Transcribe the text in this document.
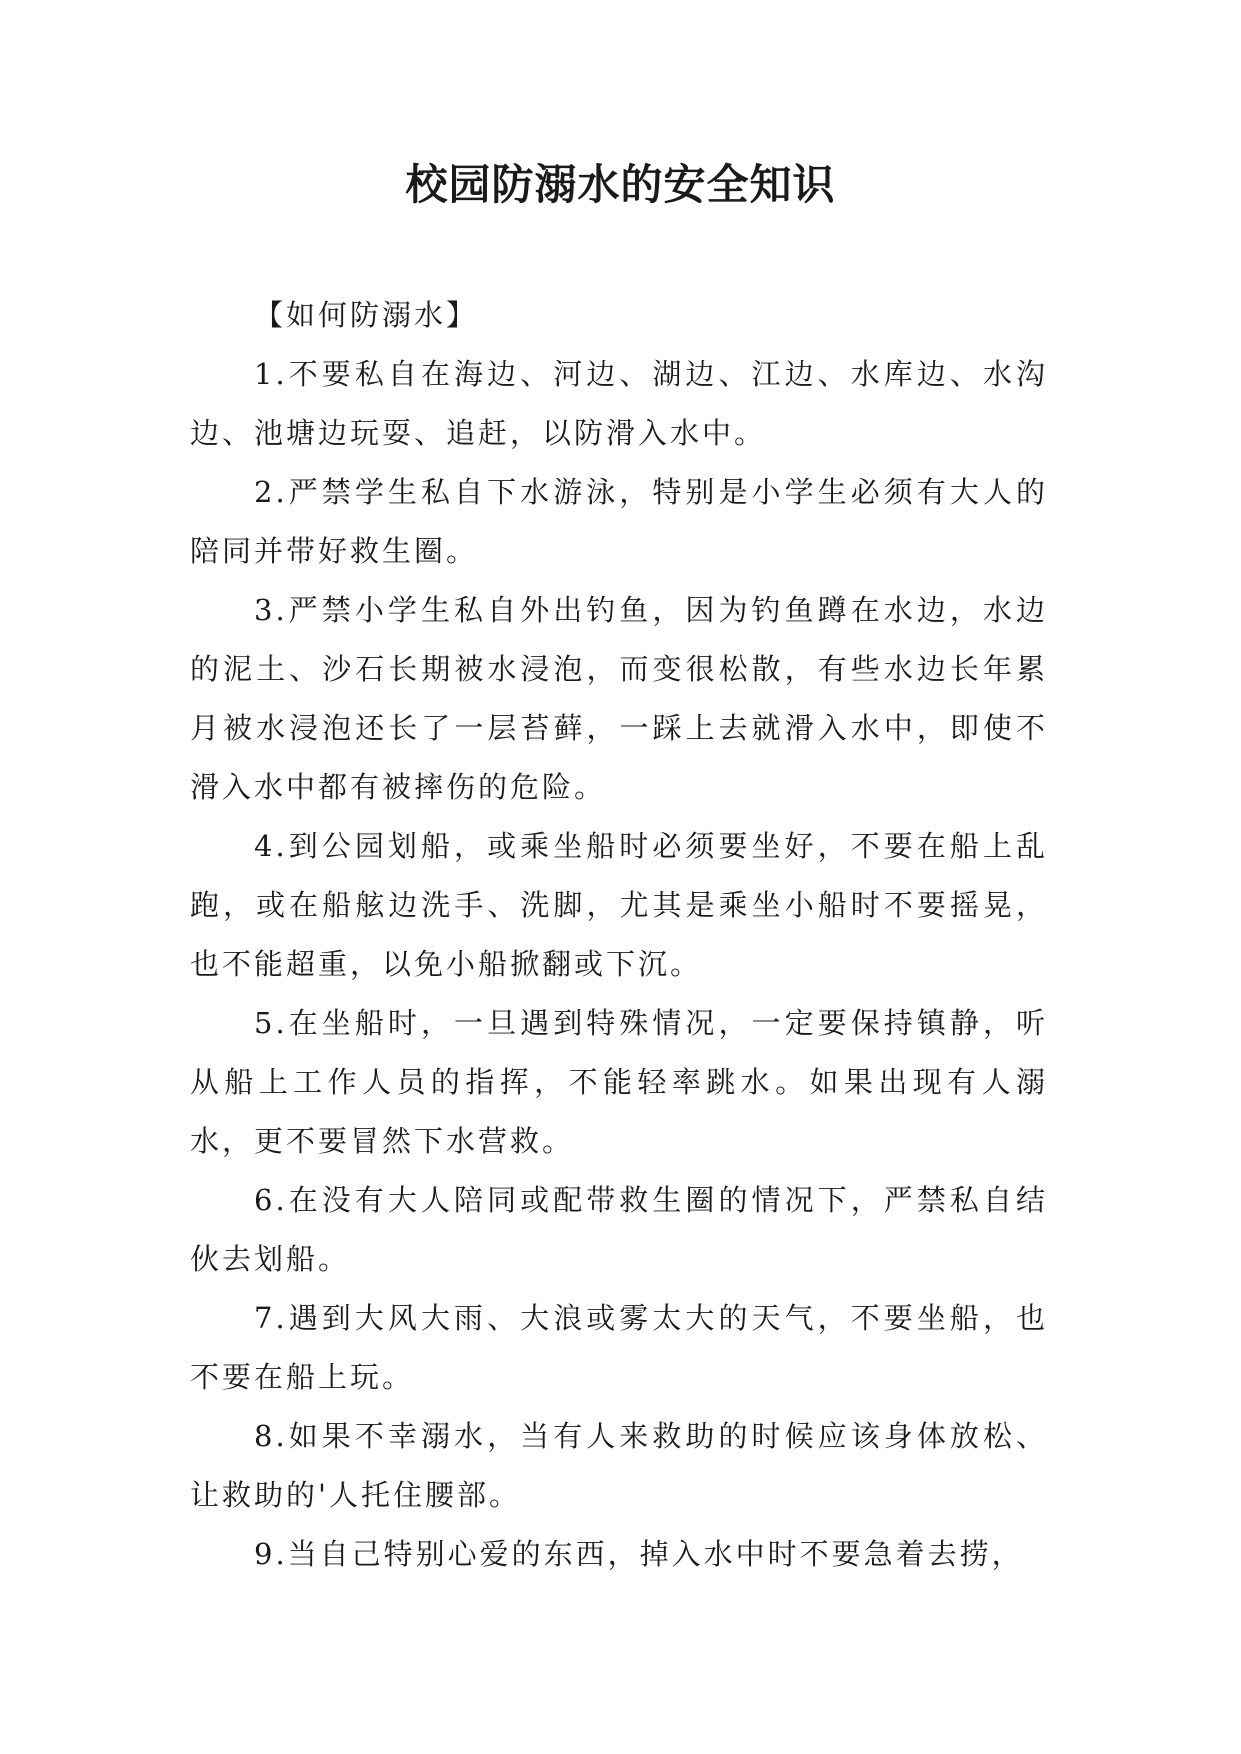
校园防溺水的安全知识

【如何防溺水】

1.不要私自在海边、河边、湖边、江边、水库边、水沟边、池塘边玩耍、追赶，以防滑入水中。

2.严禁学生私自下水游泳，特别是小学生必须有大人的陪同并带好救生圈。

3.严禁小学生私自外出钓鱼，因为钓鱼蹲在水边，水边的泥土、沙石长期被水浸泡，而变很松散，有些水边长年累月被水浸泡还长了一层苔藓，一踩上去就滑入水中，即使不滑入水中都有被摔伤的危险。

4.到公园划船，或乘坐船时必须要坐好，不要在船上乱跑，或在船舷边洗手、洗脚，尤其是乘坐小船时不要摇晃，也不能超重，以免小船掀翻或下沉。

5.在坐船时，一旦遇到特殊情况，一定要保持镇静，听从船上工作人员的指挥，不能轻率跳水。如果出现有人溺水，更不要冒然下水营救。

6.在没有大人陪同或配带救生圈的情况下，严禁私自结伙去划船。

7.遇到大风大雨、大浪或雾太大的天气，不要坐船，也不要在船上玩。

8.如果不幸溺水，当有人来救助的时候应该身体放松、让救助的'人托住腰部。

9.当自己特别心爱的东西，掉入水中时不要急着去捞，
